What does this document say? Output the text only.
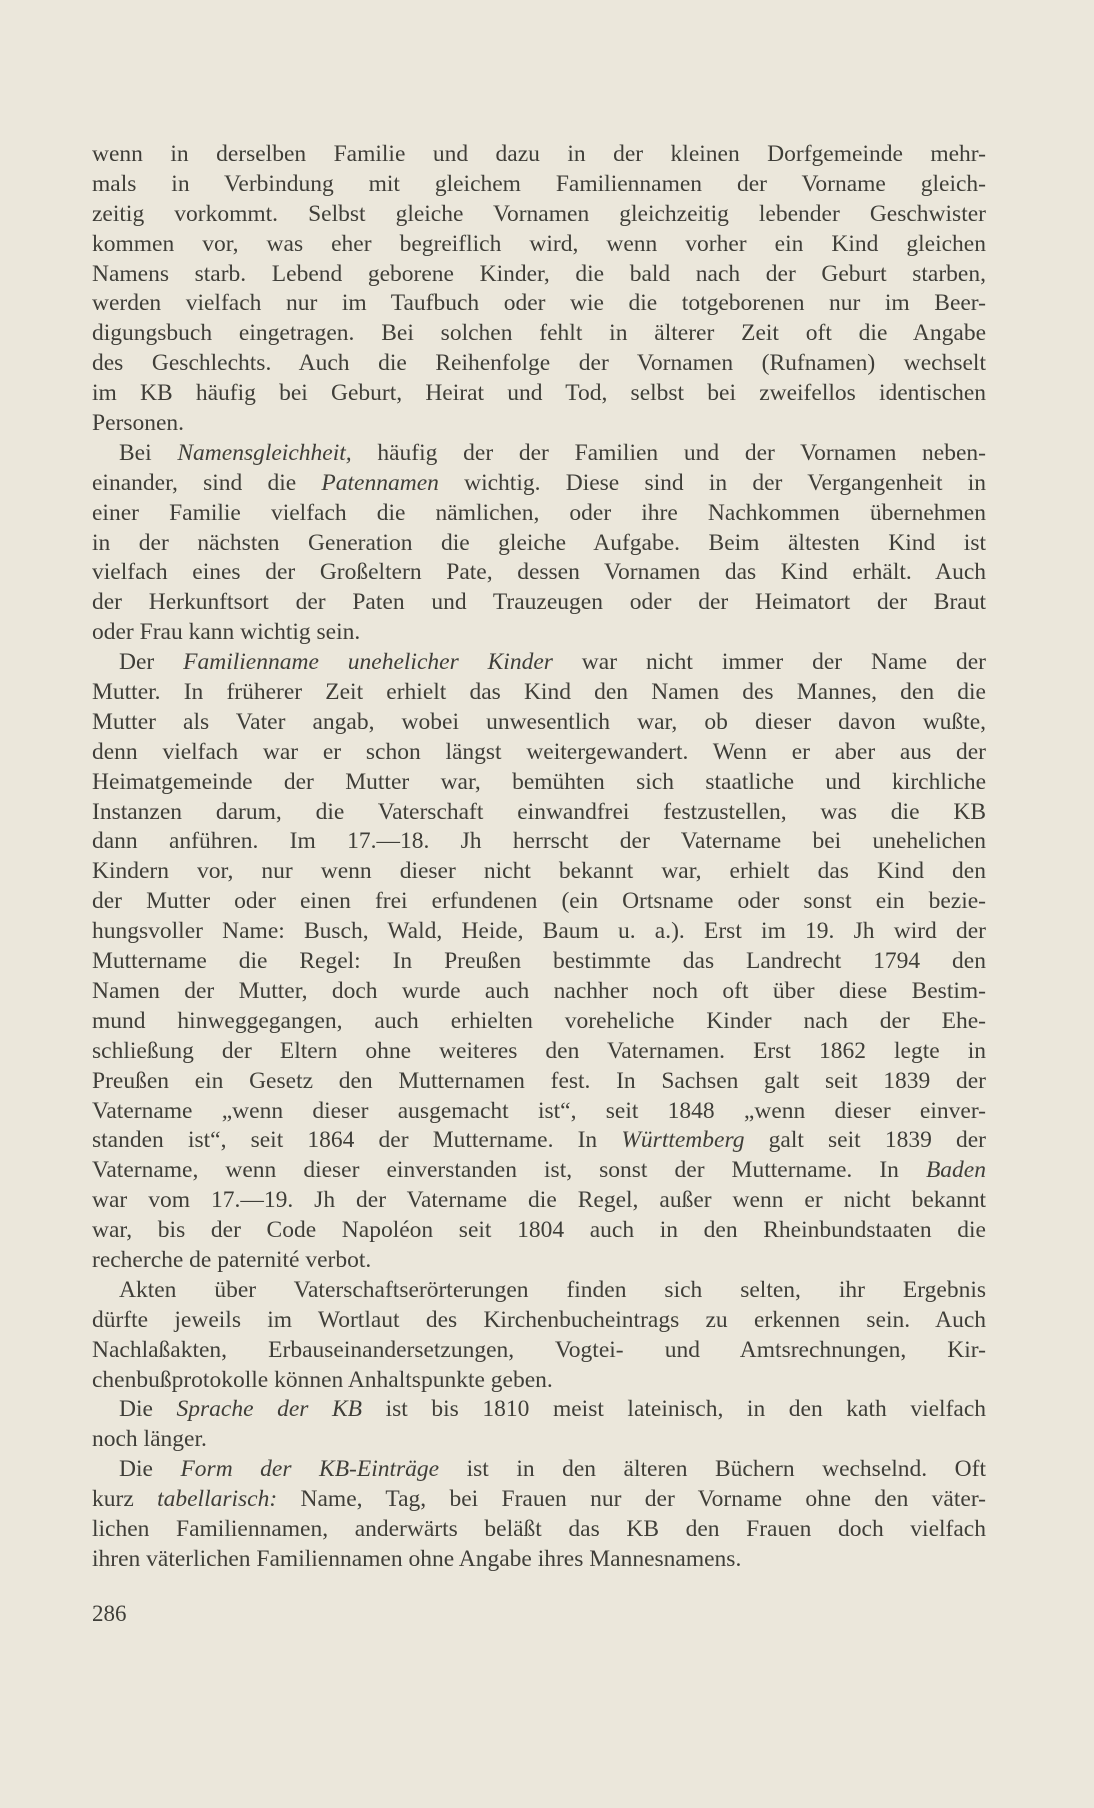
wenn in derselben Familie und dazu in der kleinen Dorfgemeinde mehr-
mals in Verbindung mit gleichem Familiennamen der Vorname gleich-
zeitig vorkommt. Selbst gleiche Vornamen gleichzeitig lebender Geschwister
kommen vor, was eher begreiflich wird, wenn vorher ein Kind gleichen
Namens starb. Lebend geborene Kinder, die bald nach der Geburt starben,
werden vielfach nur im Taufbuch oder wie die totgeborenen nur im Beer-
digungsbuch eingetragen. Bei solchen fehlt in älterer Zeit oft die Angabe
des Geschlechts. Auch die Reihenfolge der Vornamen (Rufnamen) wechselt
im KB häufig bei Geburt, Heirat und Tod, selbst bei zweifellos identischen
Personen.
Bei Namensgleichheit, häufig der der Familien und der Vornamen neben-
einander, sind die Patennamen wichtig. Diese sind in der Vergangenheit in
einer Familie vielfach die nämlichen, oder ihre Nachkommen übernehmen
in der nächsten Generation die gleiche Aufgabe. Beim ältesten Kind ist
vielfach eines der Großeltern Pate, dessen Vornamen das Kind erhält. Auch
der Herkunftsort der Paten und Trauzeugen oder der Heimatort der Braut
oder Frau kann wichtig sein.
Der Familienname unehelicher Kinder war nicht immer der Name der
Mutter. In früherer Zeit erhielt das Kind den Namen des Mannes, den die
Mutter als Vater angab, wobei unwesentlich war, ob dieser davon wußte,
denn vielfach war er schon längst weitergewandert. Wenn er aber aus der
Heimatgemeinde der Mutter war, bemühten sich staatliche und kirchliche
Instanzen darum, die Vaterschaft einwandfrei festzustellen, was die KB
dann anführen. Im 17.—18. Jh herrscht der Vatername bei unehelichen
Kindern vor, nur wenn dieser nicht bekannt war, erhielt das Kind den
der Mutter oder einen frei erfundenen (ein Ortsname oder sonst ein bezie-
hungsvoller Name: Busch, Wald, Heide, Baum u. a.). Erst im 19. Jh wird der
Muttername die Regel: In Preußen bestimmte das Landrecht 1794 den
Namen der Mutter, doch wurde auch nachher noch oft über diese Bestim-
mund hinweggegangen, auch erhielten voreheliche Kinder nach der Ehe-
schließung der Eltern ohne weiteres den Vaternamen. Erst 1862 legte in
Preußen ein Gesetz den Mutternamen fest. In Sachsen galt seit 1839 der
Vatername „wenn dieser ausgemacht ist“, seit 1848 „wenn dieser einver-
standen ist“, seit 1864 der Muttername. In Württemberg galt seit 1839 der
Vatername, wenn dieser einverstanden ist, sonst der Muttername. In Baden
war vom 17.—19. Jh der Vatername die Regel, außer wenn er nicht bekannt
war, bis der Code Napoléon seit 1804 auch in den Rheinbundstaaten die
recherche de paternité verbot.
Akten über Vaterschaftserörterungen finden sich selten, ihr Ergebnis
dürfte jeweils im Wortlaut des Kirchenbucheintrags zu erkennen sein. Auch
Nachlaßakten, Erbauseinandersetzungen, Vogtei- und Amtsrechnungen, Kir-
chenbußprotokolle können Anhaltspunkte geben.
Die Sprache der KB ist bis 1810 meist lateinisch, in den kath vielfach
noch länger.
Die Form der KB-Einträge ist in den älteren Büchern wechselnd. Oft
kurz tabellarisch: Name, Tag, bei Frauen nur der Vorname ohne den väter-
lichen Familiennamen, anderwärts beläßt das KB den Frauen doch vielfach
ihren väterlichen Familiennamen ohne Angabe ihres Mannesnamens.
286
